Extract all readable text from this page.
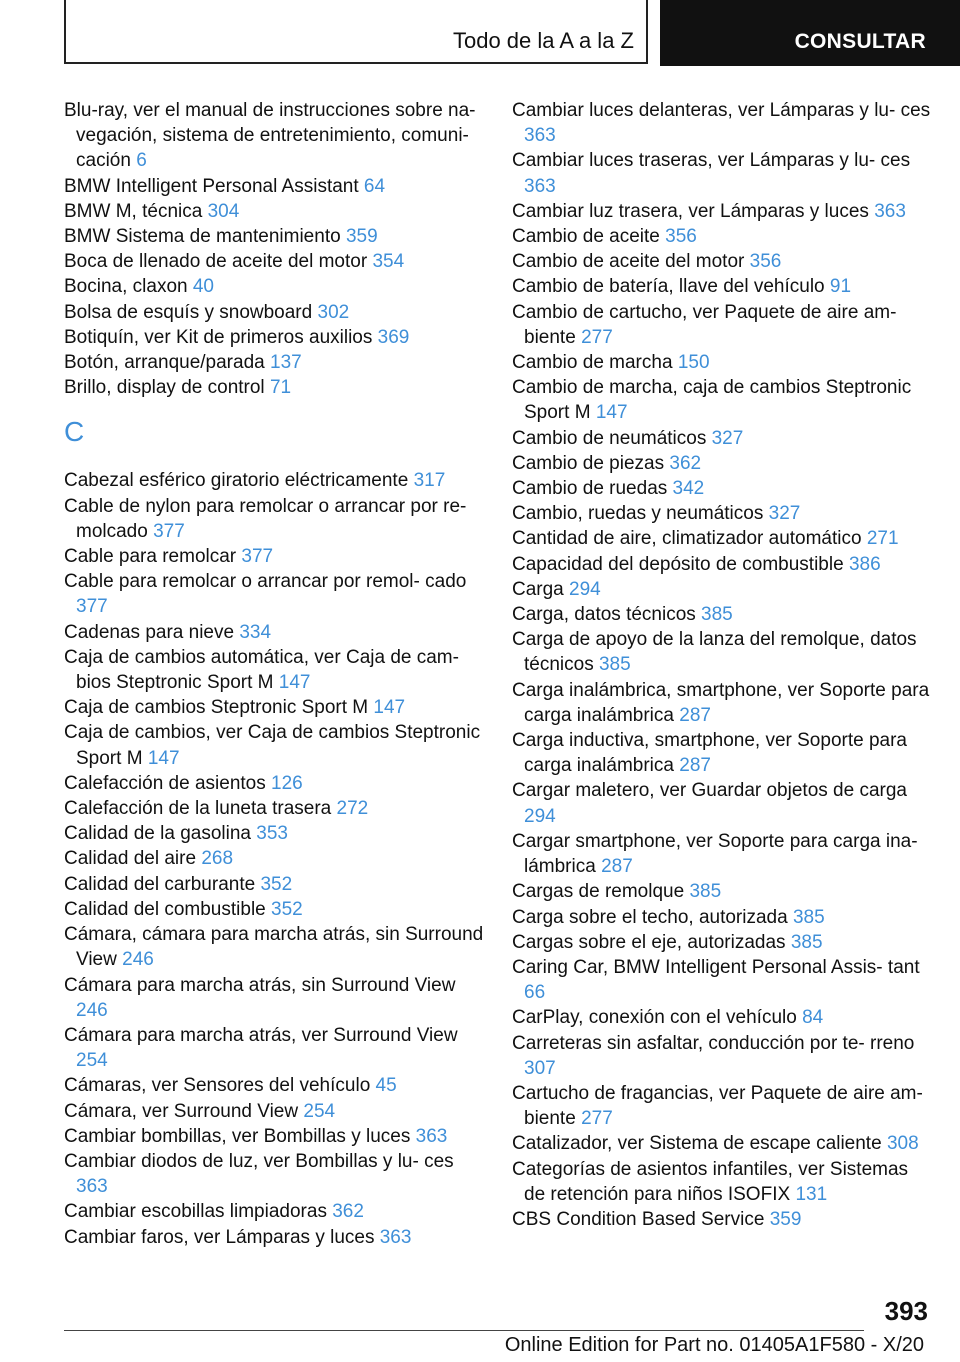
Todo de la A a la Z	CONSULTAR

Blu-ray, ver el manual de instrucciones sobre na- vegación, sistema de entretenimiento, comuni- cación 6

BMW Intelligent Personal Assistant 64

BMW M, técnica 304

BMW Sistema de mantenimiento 359

Boca de llenado de aceite del motor 354

Bocina, claxon 40

Bolsa de esquís y snowboard 302

Botiquín, ver Kit de primeros auxilios 369

Botón, arranque/parada 137

Brillo, display de control 71

C

Cabezal esférico giratorio eléctricamente 317

Cable de nylon para remolcar o arrancar por re- molcado 377

Cable para remolcar 377

Cable para remolcar o arrancar por remol- cado 377

Cadenas para nieve 334

Caja de cambios automática, ver Caja de cam- bios Steptronic Sport M 147

Caja de cambios Steptronic Sport M 147

Caja de cambios, ver Caja de cambios Steptronic Sport M 147

Calefacción de asientos 126

Calefacción de la luneta trasera 272

Calidad de la gasolina 353

Calidad del aire 268

Calidad del carburante 352

Calidad del combustible 352

Cámara, cámara para marcha atrás, sin Surround View 246

Cámara para marcha atrás, sin Surround View 246

Cámara para marcha atrás, ver Surround View 254

Cámaras, ver Sensores del vehículo 45

Cámara, ver Surround View 254

Cambiar bombillas, ver Bombillas y luces 363

Cambiar diodos de luz, ver Bombillas y lu- ces 363

Cambiar escobillas limpiadoras 362

Cambiar faros, ver Lámparas y luces 363

Cambiar luces delanteras, ver Lámparas y lu- ces 363

Cambiar luces traseras, ver Lámparas y lu- ces 363

Cambiar luz trasera, ver Lámparas y luces 363

Cambio de aceite 356

Cambio de aceite del motor 356

Cambio de batería, llave del vehículo 91

Cambio de cartucho, ver Paquete de aire am- biente 277

Cambio de marcha 150

Cambio de marcha, caja de cambios Steptronic Sport M 147

Cambio de neumáticos 327

Cambio de piezas 362

Cambio de ruedas 342

Cambio, ruedas y neumáticos 327

Cantidad de aire, climatizador automático 271

Capacidad del depósito de combustible 386

Carga 294

Carga, datos técnicos 385

Carga de apoyo de la lanza del remolque, datos técnicos 385

Carga inalámbrica, smartphone, ver Soporte para carga inalámbrica 287

Carga inductiva, smartphone, ver Soporte para carga inalámbrica 287

Cargar maletero, ver Guardar objetos de carga 294

Cargar smartphone, ver Soporte para carga ina- lámbrica 287

Cargas de remolque 385

Carga sobre el techo, autorizada 385

Cargas sobre el eje, autorizadas 385

Caring Car, BMW Intelligent Personal Assis- tant 66

CarPlay, conexión con el vehículo 84

Carreteras sin asfaltar, conducción por te- rreno 307

Cartucho de fragancias, ver Paquete de aire am- biente 277

Catalizador, ver Sistema de escape caliente 308

Categorías de asientos infantiles, ver Sistemas de retención para niños ISOFIX 131

CBS Condition Based Service 359

393
Online Edition for Part no. 01405A1F580 - X/20
